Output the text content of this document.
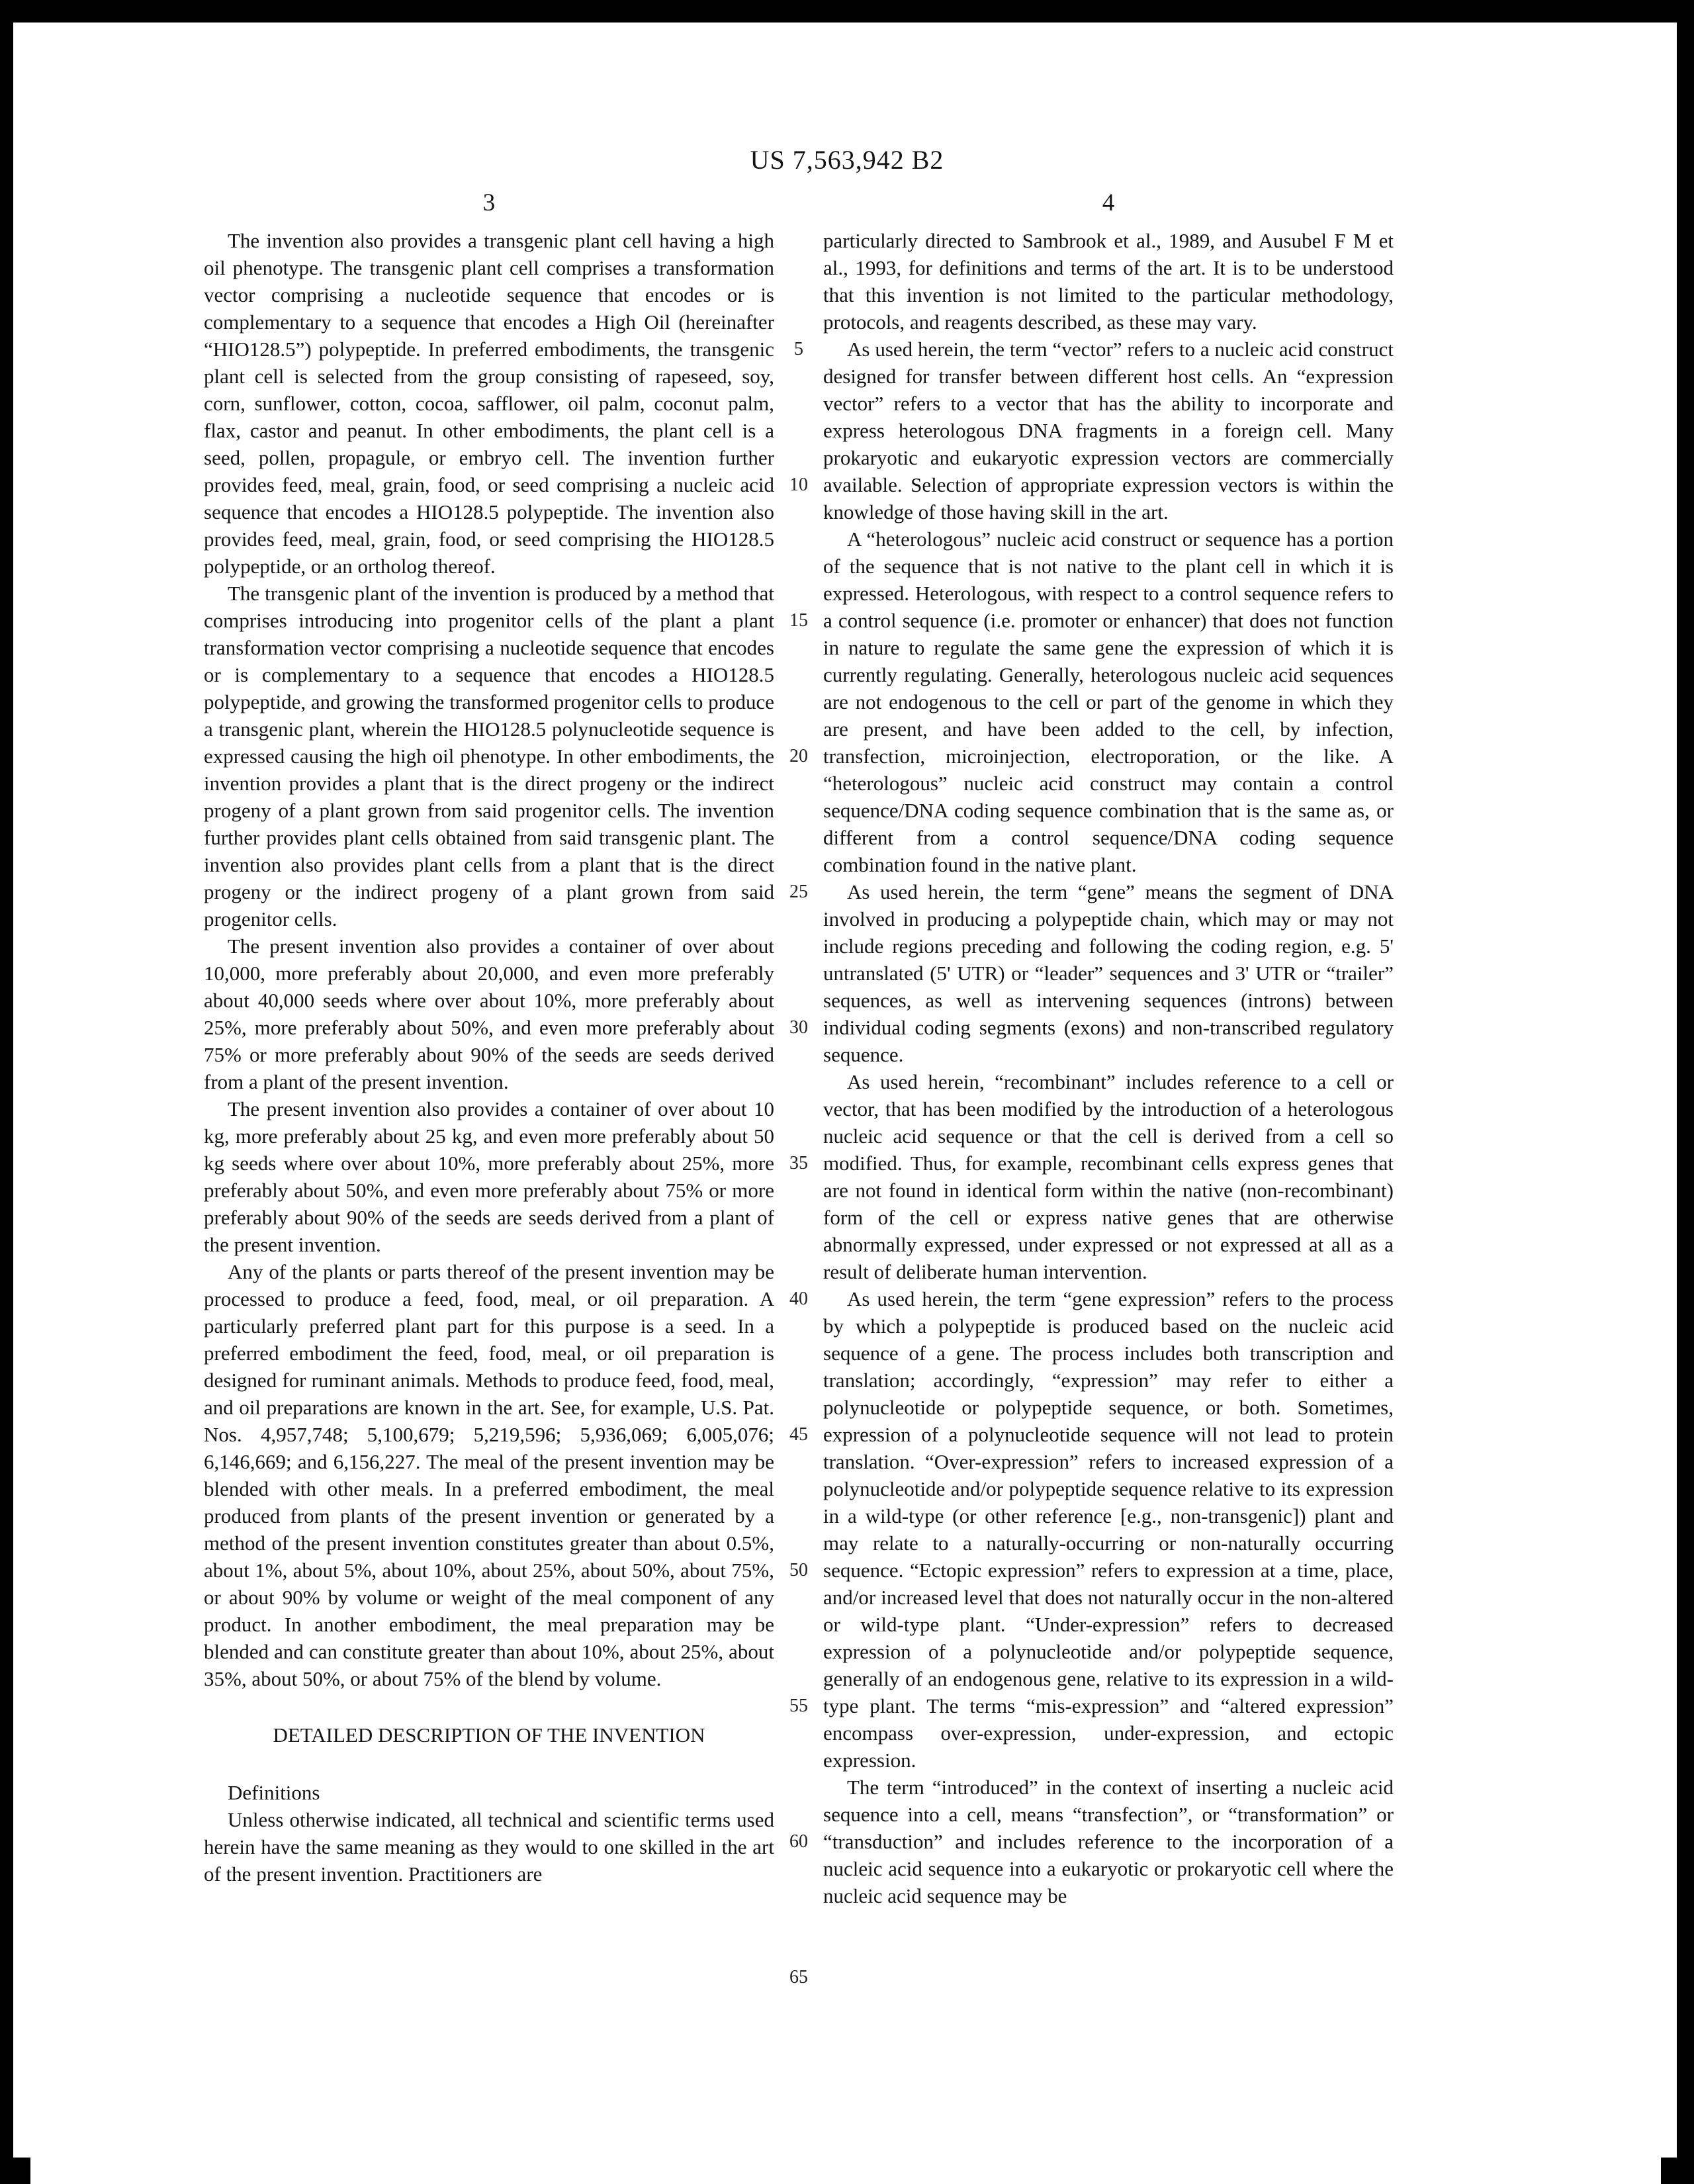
US 7,563,942 B2
3	4

The invention also provides a transgenic plant cell having a high oil phenotype. The transgenic plant cell comprises a transformation vector comprising a nucleotide sequence that encodes or is complementary to a sequence that encodes a High Oil (hereinafter “HIO128.5”) polypeptide. In preferred embodiments, the transgenic plant cell is selected from the group consisting of rapeseed, soy, corn, sunflower, cotton, cocoa, safflower, oil palm, coconut palm, flax, castor and peanut. In other embodiments, the plant cell is a seed, pollen, propagule, or embryo cell. The invention further provides feed, meal, grain, food, or seed comprising a nucleic acid sequence that encodes a HIO128.5 polypeptide. The invention also provides feed, meal, grain, food, or seed comprising the HIO128.5 polypeptide, or an ortholog thereof.

The transgenic plant of the invention is produced by a method that comprises introducing into progenitor cells of the plant a plant transformation vector comprising a nucleotide sequence that encodes or is complementary to a sequence that encodes a HIO128.5 polypeptide, and growing the transformed progenitor cells to produce a transgenic plant, wherein the HIO128.5 polynucleotide sequence is expressed causing the high oil phenotype. In other embodiments, the invention provides a plant that is the direct progeny or the indirect progeny of a plant grown from said progenitor cells. The invention further provides plant cells obtained from said transgenic plant. The invention also provides plant cells from a plant that is the direct progeny or the indirect progeny of a plant grown from said progenitor cells.

The present invention also provides a container of over about 10,000, more preferably about 20,000, and even more preferably about 40,000 seeds where over about 10%, more preferably about 25%, more preferably about 50%, and even more preferably about 75% or more preferably about 90% of the seeds are seeds derived from a plant of the present invention.

The present invention also provides a container of over about 10 kg, more preferably about 25 kg, and even more preferably about 50 kg seeds where over about 10%, more preferably about 25%, more preferably about 50%, and even more preferably about 75% or more preferably about 90% of the seeds are seeds derived from a plant of the present invention.

Any of the plants or parts thereof of the present invention may be processed to produce a feed, food, meal, or oil preparation. A particularly preferred plant part for this purpose is a seed. In a preferred embodiment the feed, food, meal, or oil preparation is designed for ruminant animals. Methods to produce feed, food, meal, and oil preparations are known in the art. See, for example, U.S. Pat. Nos. 4,957,748; 5,100,679; 5,219,596; 5,936,069; 6,005,076; 6,146,669; and 6,156,227. The meal of the present invention may be blended with other meals. In a preferred embodiment, the meal produced from plants of the present invention or generated by a method of the present invention constitutes greater than about 0.5%, about 1%, about 5%, about 10%, about 25%, about 50%, about 75%, or about 90% by volume or weight of the meal component of any product. In another embodiment, the meal preparation may be blended and can constitute greater than about 10%, about 25%, about 35%, about 50%, or about 75% of the blend by volume.

DETAILED DESCRIPTION OF THE INVENTION

Definitions

Unless otherwise indicated, all technical and scientific terms used herein have the same meaning as they would to one skilled in the art of the present invention. Practitioners are

5
10
15
20
25
30
35
40
45
50
55
60
65

particularly directed to Sambrook et al., 1989, and Ausubel F M et al., 1993, for definitions and terms of the art. It is to be understood that this invention is not limited to the particular methodology, protocols, and reagents described, as these may vary.

As used herein, the term “vector” refers to a nucleic acid construct designed for transfer between different host cells. An “expression vector” refers to a vector that has the ability to incorporate and express heterologous DNA fragments in a foreign cell. Many prokaryotic and eukaryotic expression vectors are commercially available. Selection of appropriate expression vectors is within the knowledge of those having skill in the art.

A “heterologous” nucleic acid construct or sequence has a portion of the sequence that is not native to the plant cell in which it is expressed. Heterologous, with respect to a control sequence refers to a control sequence (i.e. promoter or enhancer) that does not function in nature to regulate the same gene the expression of which it is currently regulating. Generally, heterologous nucleic acid sequences are not endogenous to the cell or part of the genome in which they are present, and have been added to the cell, by infection, transfection, microinjection, electroporation, or the like. A “heterologous” nucleic acid construct may contain a control sequence/DNA coding sequence combination that is the same as, or different from a control sequence/DNA coding sequence combination found in the native plant.

As used herein, the term “gene” means the segment of DNA involved in producing a polypeptide chain, which may or may not include regions preceding and following the coding region, e.g. 5' untranslated (5' UTR) or “leader” sequences and 3' UTR or “trailer” sequences, as well as intervening sequences (introns) between individual coding segments (exons) and non-transcribed regulatory sequence.

As used herein, “recombinant” includes reference to a cell or vector, that has been modified by the introduction of a heterologous nucleic acid sequence or that the cell is derived from a cell so modified. Thus, for example, recombinant cells express genes that are not found in identical form within the native (non-recombinant) form of the cell or express native genes that are otherwise abnormally expressed, under expressed or not expressed at all as a result of deliberate human intervention.

As used herein, the term “gene expression” refers to the process by which a polypeptide is produced based on the nucleic acid sequence of a gene. The process includes both transcription and translation; accordingly, “expression” may refer to either a polynucleotide or polypeptide sequence, or both. Sometimes, expression of a polynucleotide sequence will not lead to protein translation. “Over-expression” refers to increased expression of a polynucleotide and/or polypeptide sequence relative to its expression in a wild-type (or other reference [e.g., non-transgenic]) plant and may relate to a naturally-occurring or non-naturally occurring sequence. “Ectopic expression” refers to expression at a time, place, and/or increased level that does not naturally occur in the non-altered or wild-type plant. “Under-expression” refers to decreased expression of a polynucleotide and/or polypeptide sequence, generally of an endogenous gene, relative to its expression in a wild-type plant. The terms “mis-expression” and “altered expression” encompass over-expression, under-expression, and ectopic expression.

The term “introduced” in the context of inserting a nucleic acid sequence into a cell, means “transfection”, or “transformation” or “transduction” and includes reference to the incorporation of a nucleic acid sequence into a eukaryotic or prokaryotic cell where the nucleic acid sequence may be
